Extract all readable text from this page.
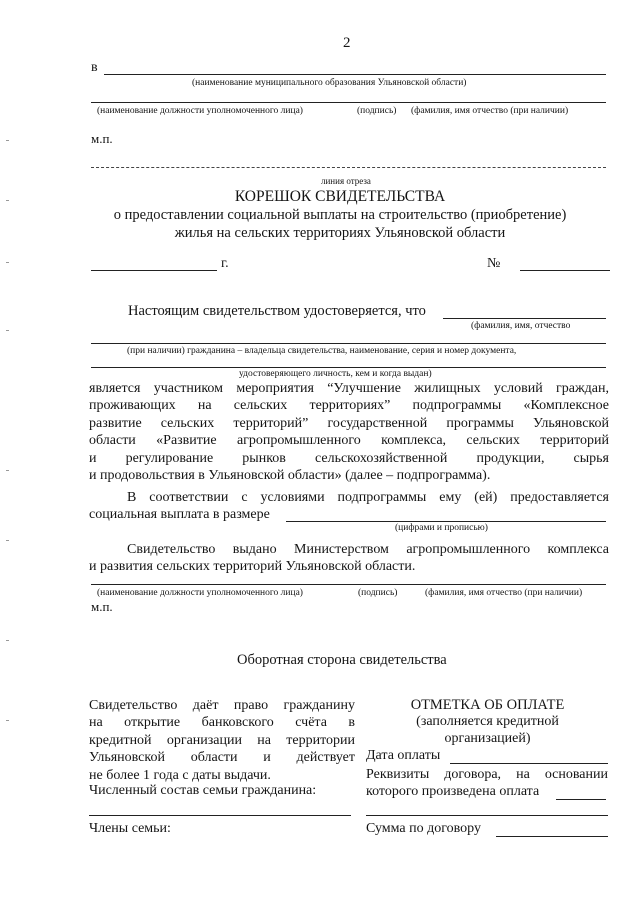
2
в
(наименование муниципального образования Ульяновской области)
(наименование должности уполномоченного лица)	(подпись) (фамилия, имя отчество (при наличии)
м.п.
линия отреза
КОРЕШОК СВИДЕТЕЛЬСТВА
о предоставлении социальной выплаты на строительство (приобретение)
жилья на сельских территориях Ульяновской области
г.	№
Настоящим свидетельством удостоверяется, что
(фамилия, имя, отчество
(при наличии) гражданина – владельца свидетельства, наименование, серия и номер документа,
удостоверяющего личность, кем и когда выдан)
является участником мероприятия “Улучшение жилищных условий граждан,
проживающих на сельских территориях” подпрограммы «Комплексное
развитие сельских территорий” государственной программы Ульяновской
области «Развитие агропромышленного комплекса, сельских территорий
и регулирование рынков сельскохозяйственной продукции, сырья
и продовольствия в Ульяновской области» (далее – подпрограмма).
В соответствии с условиями подпрограммы ему (ей) предоставляется
социальная выплата в размере
(цифрами и прописью)
Свидетельство выдано Министерством агропромышленного комплекса
и развития сельских территорий Ульяновской области.
(наименование должности уполномоченного лица)	(подпись)	(фамилия, имя отчество (при наличии)
м.п.
Оборотная сторона свидетельства
Свидетельство даёт право гражданину
на открытие банковского счёта в
кредитной организации на территории
Ульяновской области и действует
не более 1 года с даты выдачи.
Численный состав семьи гражданина:
Члены семьи:
ОТМЕТКА ОБ ОПЛАТЕ
(заполняется кредитной
организацией)
Дата оплаты
Реквизиты договора, на основании
которого произведена оплата
Сумма по договору
